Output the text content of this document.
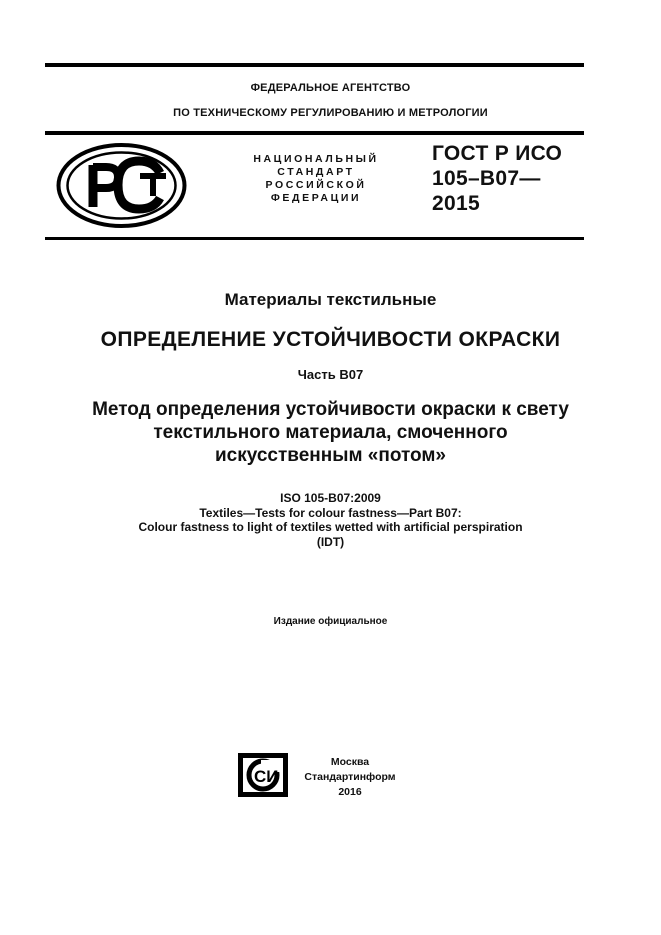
ФЕДЕРАЛЬНОЕ АГЕНТСТВО
ПО ТЕХНИЧЕСКОМУ РЕГУЛИРОВАНИЮ И МЕТРОЛОГИИ
НАЦИОНАЛЬНЫЙ
СТАНДАРТ
РОССИЙСКОЙ
ФЕДЕРАЦИИ
ГОСТ Р ИСО
105–В07—
2015
Материалы текстильные
ОПРЕДЕЛЕНИЕ УСТОЙЧИВОСТИ ОКРАСКИ
Часть В07
Метод определения устойчивости окраски к свету
текстильного материала, смоченного
искусственным «потом»
ISO 105-B07:2009
Textiles—Tests for colour fastness—Part B07:
Colour fastness to light of textiles wetted with artificial perspiration
(IDT)
Издание официальное
СИ
Москва
Стандартинформ
2016
